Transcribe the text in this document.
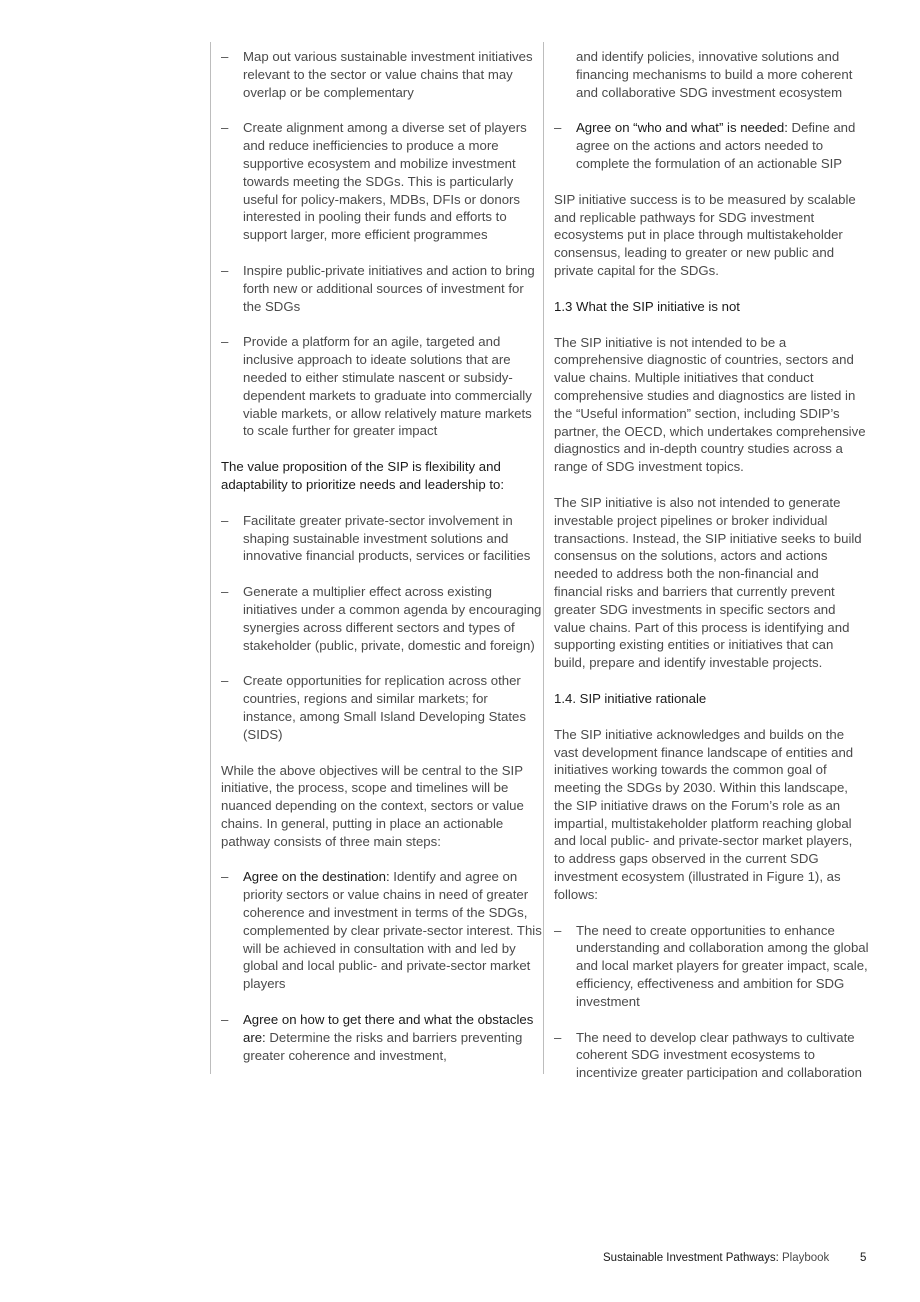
– Map out various sustainable investment initiatives relevant to the sector or value chains that may overlap or be complementary
– Create alignment among a diverse set of players and reduce inefficiencies to produce a more supportive ecosystem and mobilize investment towards meeting the SDGs. This is particularly useful for policy-makers, MDBs, DFIs or donors interested in pooling their funds and efforts to support larger, more efficient programmes
– Inspire public-private initiatives and action to bring forth new or additional sources of investment for the SDGs
– Provide a platform for an agile, targeted and inclusive approach to ideate solutions that are needed to either stimulate nascent or subsidy-dependent markets to graduate into commercially viable markets, or allow relatively mature markets to scale further for greater impact
The value proposition of the SIP is flexibility and adaptability to prioritize needs and leadership to:
– Facilitate greater private-sector involvement in shaping sustainable investment solutions and innovative financial products, services or facilities
– Generate a multiplier effect across existing initiatives under a common agenda by encouraging synergies across different sectors and types of stakeholder (public, private, domestic and foreign)
– Create opportunities for replication across other countries, regions and similar markets; for instance, among Small Island Developing States (SIDS)
While the above objectives will be central to the SIP initiative, the process, scope and timelines will be nuanced depending on the context, sectors or value chains. In general, putting in place an actionable pathway consists of three main steps:
– Agree on the destination: Identify and agree on priority sectors or value chains in need of greater coherence and investment in terms of the SDGs, complemented by clear private-sector interest. This will be achieved in consultation with and led by global and local public- and private-sector market players
– Agree on how to get there and what the obstacles are: Determine the risks and barriers preventing greater coherence and investment,
and identify policies, innovative solutions and financing mechanisms to build a more coherent and collaborative SDG investment ecosystem
– Agree on “who and what” is needed: Define and agree on the actions and actors needed to complete the formulation of an actionable SIP
SIP initiative success is to be measured by scalable and replicable pathways for SDG investment ecosystems put in place through multistakeholder consensus, leading to greater or new public and private capital for the SDGs.
1.3 What the SIP initiative is not
The SIP initiative is not intended to be a comprehensive diagnostic of countries, sectors and value chains. Multiple initiatives that conduct comprehensive studies and diagnostics are listed in the “Useful information” section, including SDIP’s partner, the OECD, which undertakes comprehensive diagnostics and in-depth country studies across a range of SDG investment topics.
The SIP initiative is also not intended to generate investable project pipelines or broker individual transactions. Instead, the SIP initiative seeks to build consensus on the solutions, actors and actions needed to address both the non-financial and financial risks and barriers that currently prevent greater SDG investments in specific sectors and value chains. Part of this process is identifying and supporting existing entities or initiatives that can build, prepare and identify investable projects.
1.4. SIP initiative rationale
The SIP initiative acknowledges and builds on the vast development finance landscape of entities and initiatives working towards the common goal of meeting the SDGs by 2030. Within this landscape, the SIP initiative draws on the Forum’s role as an impartial, multistakeholder platform reaching global and local public- and private-sector market players, to address gaps observed in the current SDG investment ecosystem (illustrated in Figure 1), as follows:
– The need to create opportunities to enhance understanding and collaboration among the global and local market players for greater impact, scale, efficiency, effectiveness and ambition for SDG investment
– The need to develop clear pathways to cultivate coherent SDG investment ecosystems to incentivize greater participation and collaboration
Sustainable Investment Pathways: Playbook	5
